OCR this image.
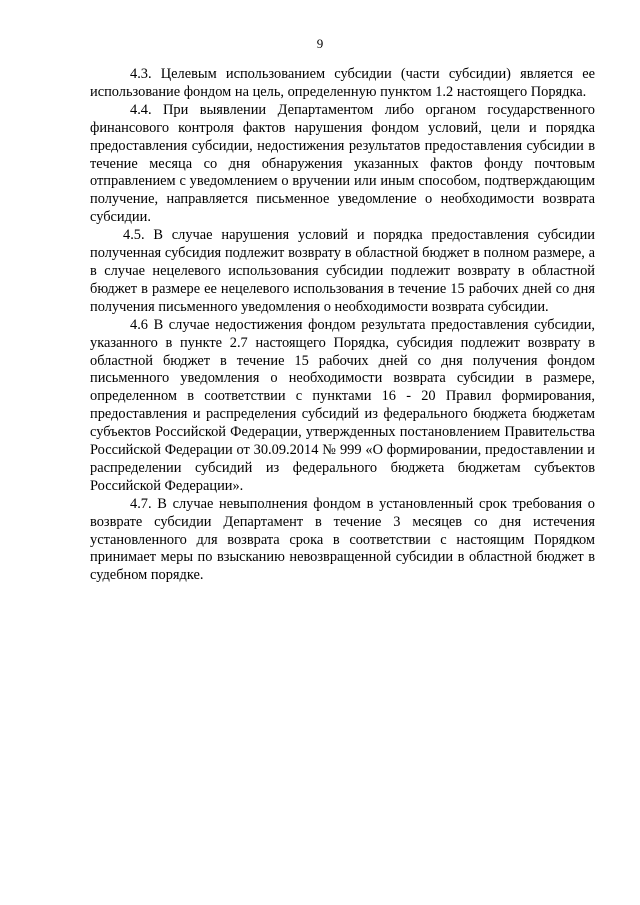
9

4.3. Целевым использованием субсидии (части субсидии) является ее использование фондом на цель, определенную пунктом 1.2 настоящего Порядка.

4.4. При выявлении Департаментом либо органом государственного финансового контроля фактов нарушения фондом условий, цели и порядка предоставления субсидии, недостижения результатов предоставления субсидии в течение месяца со дня обнаружения указанных фактов фонду почтовым отправлением с уведомлением о вручении или иным способом, подтверждающим получение, направляется письменное уведомление о необходимости возврата субсидии.

4.5. В случае нарушения условий и порядка предоставления субсидии полученная субсидия подлежит возврату в областной бюджет в полном размере, а в случае нецелевого использования субсидии подлежит возврату в областной бюджет в размере ее нецелевого использования в течение 15 рабочих дней со дня получения письменного уведомления о необходимости возврата субсидии.

4.6 В случае недостижения фондом результата предоставления субсидии, указанного в пункте 2.7 настоящего Порядка, субсидия подлежит возврату в областной бюджет в течение 15 рабочих дней со дня получения фондом письменного уведомления о необходимости возврата субсидии в размере, определенном в соответствии с пунктами 16 - 20 Правил формирования, предоставления и распределения субсидий из федерального бюджета бюджетам субъектов Российской Федерации, утвержденных постановлением Правительства Российской Федерации от 30.09.2014 № 999 «О формировании, предоставлении и распределении субсидий из федерального бюджета бюджетам субъектов Российской Федерации».

4.7. В случае невыполнения фондом в установленный срок требования о возврате субсидии Департамент в течение 3 месяцев со дня истечения установленного для возврата срока в соответствии с настоящим Порядком принимает меры по взысканию невозвращенной субсидии в областной бюджет в судебном порядке.
